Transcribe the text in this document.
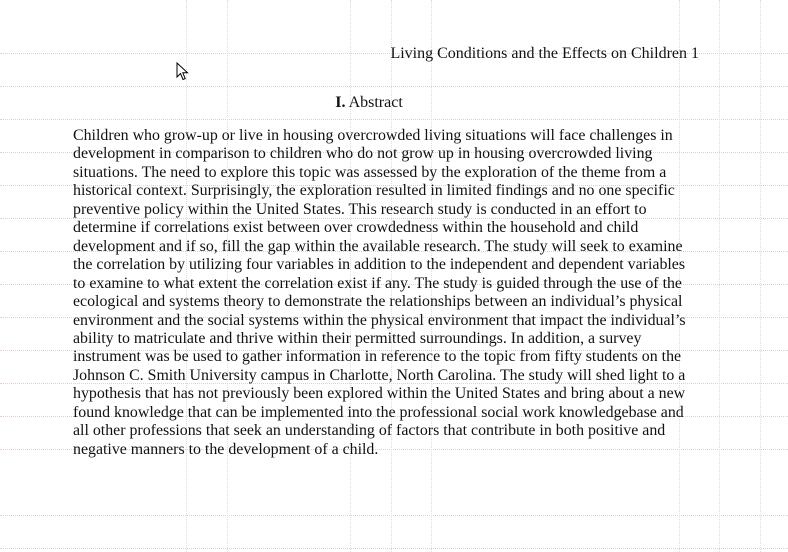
Living Conditions and the Effects on Children 1
I. Abstract
Children who grow-up or live in housing overcrowded living situations will face challenges in
development in comparison to children who do not grow up in housing overcrowded living
situations. The need to explore this topic was assessed by the exploration of the theme from a
historical context. Surprisingly, the exploration resulted in limited findings and no one specific
preventive policy within the United States. This research study is conducted in an effort to
determine if correlations exist between over crowdedness within the household and child
development and if so, fill the gap within the available research. The study will seek to examine
the correlation by utilizing four variables in addition to the independent and dependent variables
to examine to what extent the correlation exist if any. The study is guided through the use of the
ecological and systems theory to demonstrate the relationships between an individual’s physical
environment and the social systems within the physical environment that impact the individual’s
ability to matriculate and thrive within their permitted surroundings. In addition, a survey
instrument was be used to gather information in reference to the topic from fifty students on the
Johnson C. Smith University campus in Charlotte, North Carolina. The study will shed light to a
hypothesis that has not previously been explored within the United States and bring about a new
found knowledge that can be implemented into the professional social work knowledgebase and
all other professions that seek an understanding of factors that contribute in both positive and
negative manners to the development of a child.
